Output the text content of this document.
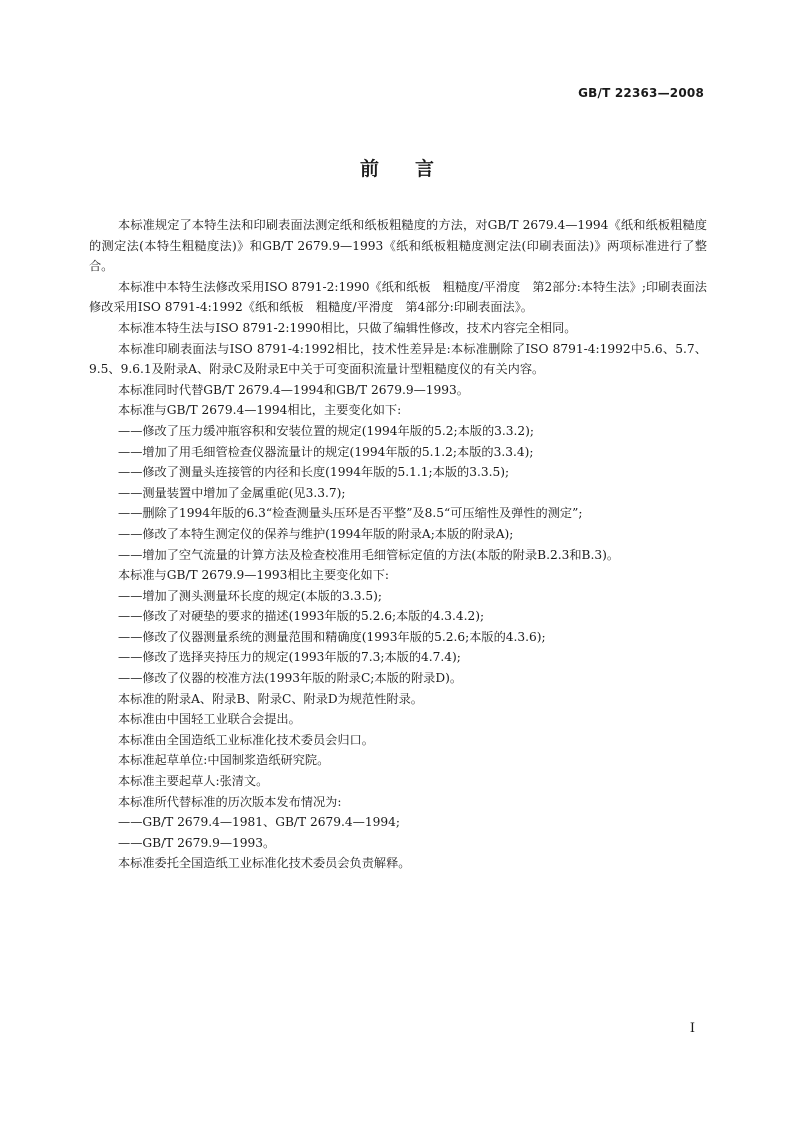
GB/T 22363—2008
前言

本标准规定了本特生法和印刷表面法测定纸和纸板粗糙度的方法，对GB/T 2679.4—1994《纸和纸板粗糙度的测定法(本特生粗糙度法)》和GB/T 2679.9—1993《纸和纸板粗糙度测定法(印刷表面法)》两项标准进行了整合。

本标准中本特生法修改采用ISO 8791-2:1990《纸和纸板　粗糙度/平滑度　第2部分:本特生法》;印刷表面法修改采用ISO 8791-4:1992《纸和纸板　粗糙度/平滑度　第4部分:印刷表面法》。

本标准本特生法与ISO 8791-2:1990相比，只做了编辑性修改，技术内容完全相同。

本标准印刷表面法与ISO 8791-4:1992相比，技术性差异是:本标准删除了ISO 8791-4:1992中5.6、5.7、9.5、9.6.1及附录A、附录C及附录E中关于可变面积流量计型粗糙度仪的有关内容。

本标准同时代替GB/T 2679.4—1994和GB/T 2679.9—1993。

本标准与GB/T 2679.4—1994相比，主要变化如下:

——修改了压力缓冲瓶容积和安装位置的规定(1994年版的5.2;本版的3.3.2);

——增加了用毛细管检查仪器流量计的规定(1994年版的5.1.2;本版的3.3.4);

——修改了测量头连接管的内径和长度(1994年版的5.1.1;本版的3.3.5);

——测量装置中增加了金属重砣(见3.3.7);

——删除了1994年版的6.3“检查测量头压环是否平整”及8.5“可压缩性及弹性的测定”;

——修改了本特生测定仪的保养与维护(1994年版的附录A;本版的附录A);

——增加了空气流量的计算方法及检查校准用毛细管标定值的方法(本版的附录B.2.3和B.3)。

本标准与GB/T 2679.9—1993相比主要变化如下:

——增加了测头测量环长度的规定(本版的3.3.5);

——修改了对硬垫的要求的描述(1993年版的5.2.6;本版的4.3.4.2);

——修改了仪器测量系统的测量范围和精确度(1993年版的5.2.6;本版的4.3.6);

——修改了选择夹持压力的规定(1993年版的7.3;本版的4.7.4);

——修改了仪器的校准方法(1993年版的附录C;本版的附录D)。

本标准的附录A、附录B、附录C、附录D为规范性附录。

本标准由中国轻工业联合会提出。

本标准由全国造纸工业标准化技术委员会归口。

本标准起草单位:中国制浆造纸研究院。

本标准主要起草人:张清文。

本标准所代替标准的历次版本发布情况为:

——GB/T 2679.4—1981、GB/T 2679.4—1994;

——GB/T 2679.9—1993。

本标准委托全国造纸工业标准化技术委员会负责解释。

I
